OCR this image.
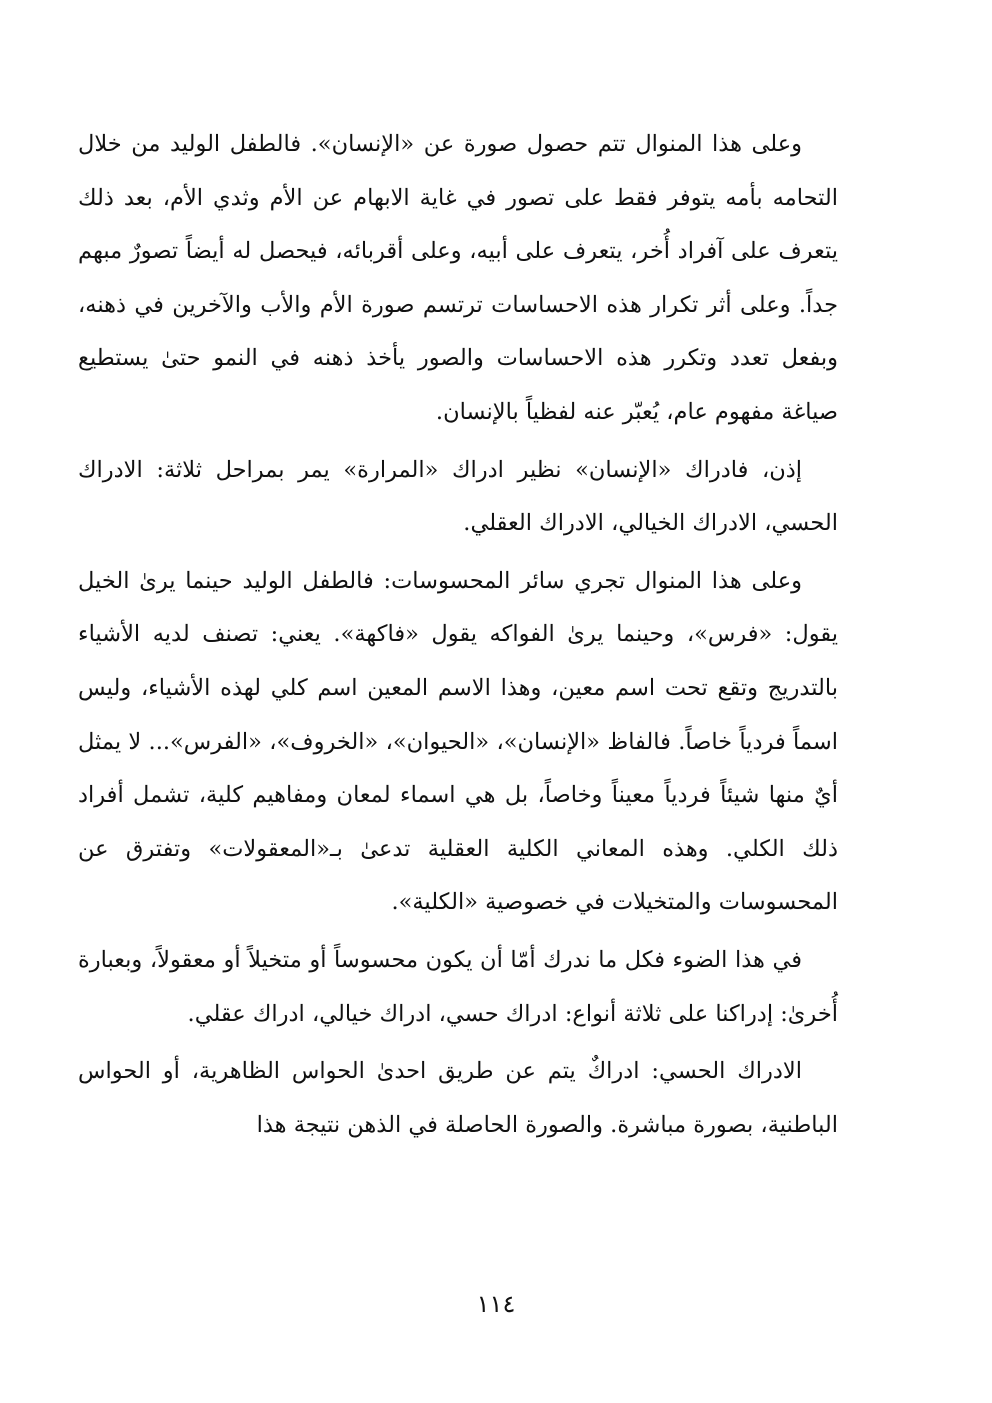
وعلى هذا المنوال تتم حصول صورة عن «الإنسان». فالطفل الوليد من خلال التحامه بأمه يتوفر فقط على تصور في غاية الابهام عن الأم وثدي الأم، بعد ذلك يتعرف على آفراد أُخر، يتعرف على أبيه، وعلى أقربائه، فيحصل له أيضاً تصورٌ مبهم جداً. وعلى أثر تكرار هذه الاحساسات ترتسم صورة الأم والأب والآخرين في ذهنه، وبفعل تعدد وتكرر هذه الاحساسات والصور يأخذ ذهنه في النمو حتىٰ يستطيع صياغة مفهوم عام، يُعبّر عنه لفظياً بالإنسان.

إذن، فادراك «الإنسان» نظير ادراك «المرارة» يمر بمراحل ثلاثة: الادراك الحسي، الادراك الخيالي، الادراك العقلي.

وعلى هذا المنوال تجري سائر المحسوسات: فالطفل الوليد حينما يرىٰ الخيل يقول: «فرس»، وحينما يرىٰ الفواكه يقول «فاكهة». يعني: تصنف لديه الأشياء بالتدريج وتقع تحت اسم معين، وهذا الاسم المعين اسم كلي لهذه الأشياء، وليس اسماً فردياً خاصاً. فالفاظ «الإنسان»، «الحيوان»، «الخروف»، «الفرس»... لا يمثل أيٌ منها شيئاً فردياً معيناً وخاصاً، بل هي اسماء لمعان ومفاهيم كلية، تشمل أفراد ذلك الكلي. وهذه المعاني الكلية العقلية تدعىٰ بـ«المعقولات» وتفترق عن المحسوسات والمتخيلات في خصوصية «الكلية».

في هذا الضوء فكل ما ندرك أمّا أن يكون محسوساً أو متخيلاً أو معقولاً، وبعبارة أُخرىٰ: إدراكنا على ثلاثة أنواع: ادراك حسي، ادراك خيالي، ادراك عقلي.

الادراك الحسي: ادراكٌ يتم عن طريق احدىٰ الحواس الظاهرية، أو الحواس الباطنية، بصورة مباشرة. والصورة الحاصلة في الذهن نتيجة هذا

١١٤
